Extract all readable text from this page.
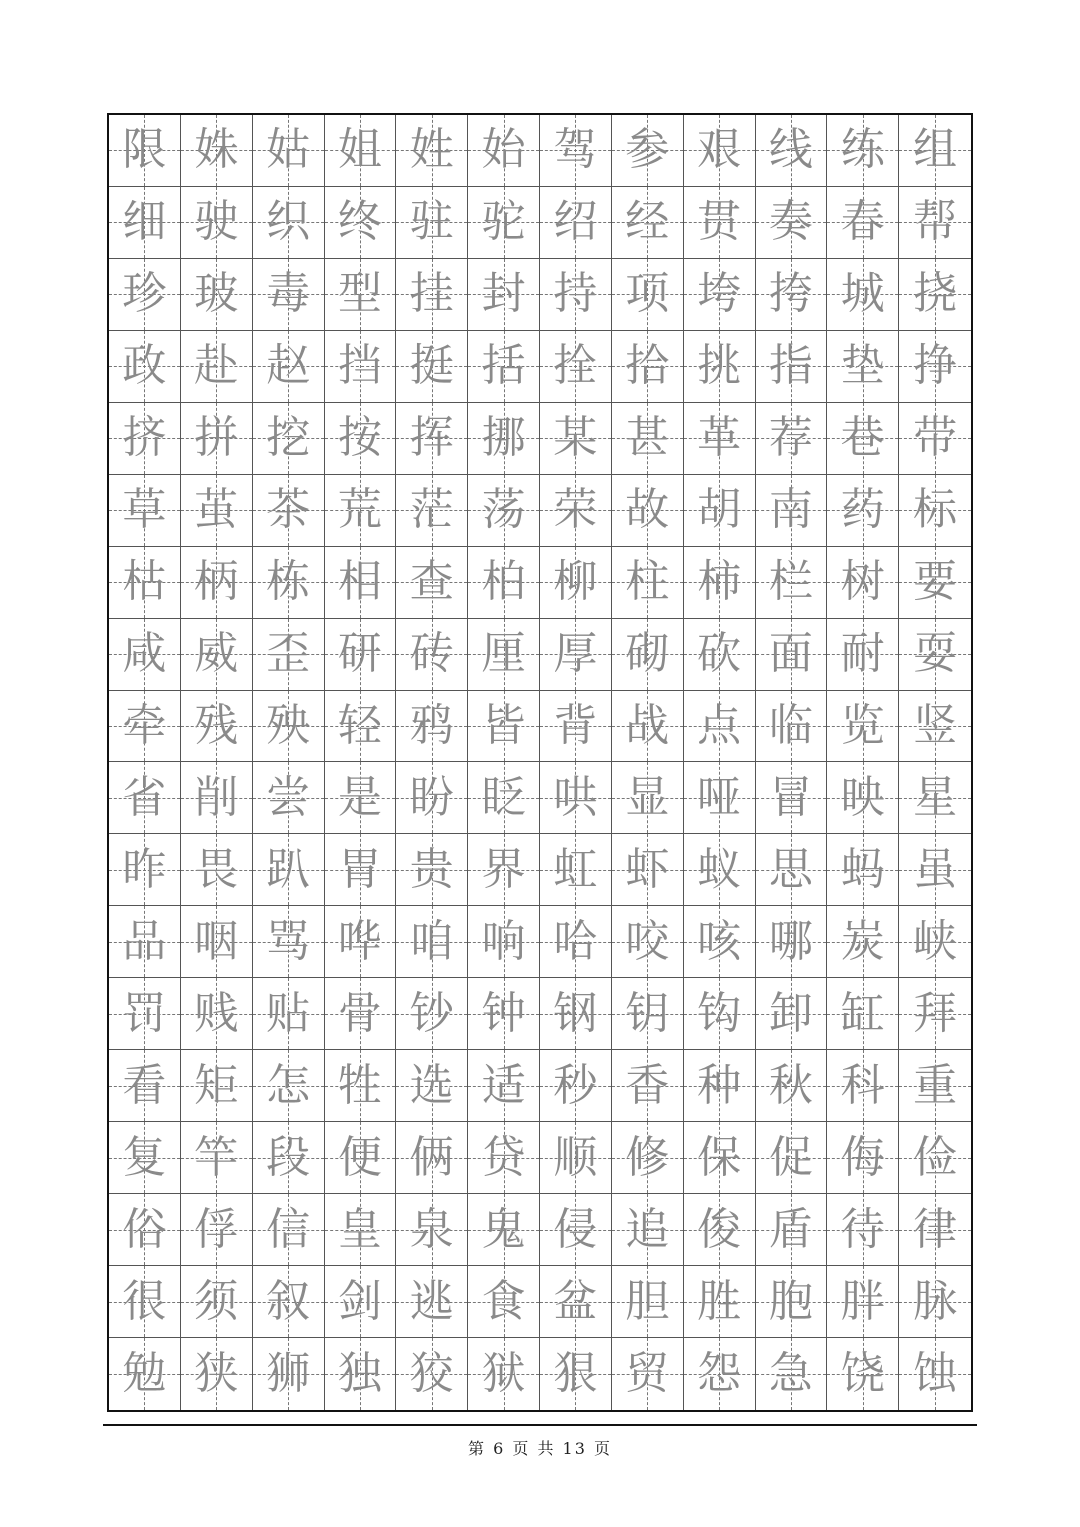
限 姝 姑 姐 姓 始 驾 参 艰 线 练 组
细 驶 织 终 驻 驼 绍 经 贯 奏 春 帮
珍 玻 毒 型 挂 封 持 项 垮 挎 城 挠
政 赴 赵 挡 挺 括 拴 拾 挑 指 垫 挣
挤 拼 挖 按 挥 挪 某 甚 革 荐 巷 带
草 茧 茶 荒 茫 荡 荣 故 胡 南 药 标
枯 柄 栋 相 查 柏 柳 柱 柿 栏 树 要
咸 威 歪 研 砖 厘 厚 砌 砍 面 耐 耍
牵 残 殃 轻 鸦 皆 背 战 点 临 览 竖
省 削 尝 是 盼 眨 哄 显 哑 冒 映 星
昨 畏 趴 胃 贵 界 虹 虾 蚁 思 蚂 虽
品 咽 骂 哗 咱 响 哈 咬 咳 哪 炭 峡
罚 贱 贴 骨 钞 钟 钢 钥 钩 卸 缸 拜
看 矩 怎 牲 选 适 秒 香 种 秋 科 重
复 竿 段 便 俩 贷 顺 修 保 促 侮 俭
俗 俘 信 皇 泉 鬼 侵 追 俊 盾 待 律
很 须 叙 剑 逃 食 盆 胆 胜 胞 胖 脉
勉 狭 狮 独 狡 狱 狠 贸 怨 急 饶 蚀
第 6 页 共 13 页
